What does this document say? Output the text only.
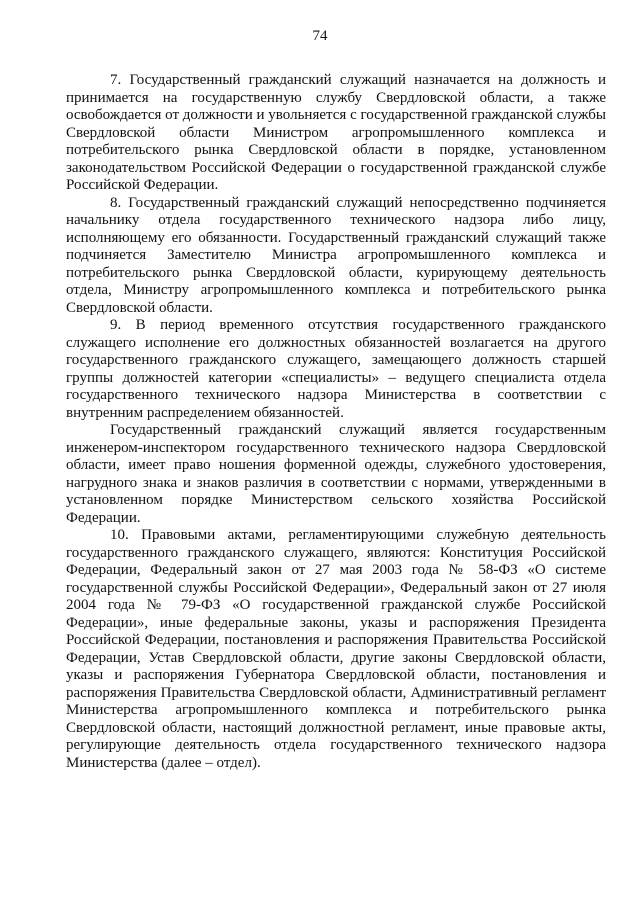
74

7. Государственный гражданский служащий назначается на должность и принимается на государственную службу Свердловской области, а также освобождается от должности и увольняется с государственной гражданской службы Свердловской области Министром агропромышленного комплекса и потребительского рынка Свердловской области в порядке, установленном законодательством Российской Федерации о государственной гражданской службе Российской Федерации.

8. Государственный гражданский служащий непосредственно подчиняется начальнику отдела государственного технического надзора либо лицу, исполняющему его обязанности. Государственный гражданский служащий также подчиняется Заместителю Министра агропромышленного комплекса и потребительского рынка Свердловской области, курирующему деятельность отдела, Министру агропромышленного комплекса и потребительского рынка Свердловской области.

9. В период временного отсутствия государственного гражданского служащего исполнение его должностных обязанностей возлагается на другого государственного гражданского служащего, замещающего должность старшей группы должностей категории «специалисты» – ведущего специалиста отдела государственного технического надзора Министерства в соответствии с внутренним распределением обязанностей.

Государственный гражданский служащий является государственным инженером-инспектором государственного технического надзора Свердловской области, имеет право ношения форменной одежды, служебного удостоверения, нагрудного знака и знаков различия в соответствии с нормами, утвержденными в установленном порядке Министерством сельского хозяйства Российской Федерации.

10. Правовыми актами, регламентирующими служебную деятельность государственного гражданского служащего, являются: Конституция Российской Федерации, Федеральный закон от 27 мая 2003 года № 58-ФЗ «О системе государственной службы Российской Федерации», Федеральный закон от 27 июля 2004 года № 79-ФЗ «О государственной гражданской службе Российской Федерации», иные федеральные законы, указы и распоряжения Президента Российской Федерации, постановления и распоряжения Правительства Российской Федерации, Устав Свердловской области, другие законы Свердловской области, указы и распоряжения Губернатора Свердловской области, постановления и распоряжения Правительства Свердловской области, Административный регламент Министерства агропромышленного комплекса и потребительского рынка Свердловской области, настоящий должностной регламент, иные правовые акты, регулирующие деятельность отдела государственного технического надзора Министерства (далее – отдел).
